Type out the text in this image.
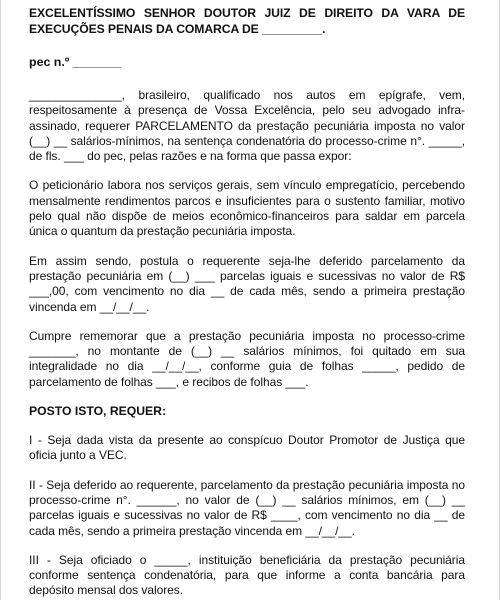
EXCELENTÍSSIMO SENHOR DOUTOR JUIZ DE DIREITO DA VARA DE EXECUÇÕES PENAIS DA COMARCA DE _________.

pec n.º _______

______________, brasileiro, qualificado nos autos em epígrafe, vem, respeitosamente à presença de Vossa Excelência, pelo seu advogado infra-assinado, requerer PARCELAMENTO da prestação pecuniária imposta no valor (__) __ salários-mínimos, na sentença condenatória do processo-crime n°. _____, de fls. ___ do pec, pelas razões e na forma que passa expor:

O peticionário labora nos serviços gerais, sem vínculo empregatício, percebendo mensalmente rendimentos parcos e insuficientes para o sustento familiar, motivo pelo qual não dispõe de meios econômico-financeiros para saldar em parcela única o quantum da prestação pecuniária imposta.

Em assim sendo, postula o requerente seja-lhe deferido parcelamento da prestação pecuniária em (__) ___ parcelas iguais e sucessivas no valor de R$ ___,00, com vencimento no dia __ de cada mês, sendo a primeira prestação vincenda em __/__/__.

Cumpre rememorar que a prestação pecuniária imposta no processo-crime _______, no montante de (__) __ salários mínimos, foi quitado em sua integralidade no dia __/__/__, conforme guia de folhas _____, pedido de parcelamento de folhas ___, e recibos de folhas ___.

POSTO ISTO, REQUER:

I - Seja dada vista da presente ao conspícuo Doutor Promotor de Justiça que oficia junto a VEC.

II - Seja deferido ao requerente, parcelamento da prestação pecuniária imposta no processo-crime n°. ______, no valor de (__) __ salários mínimos, em (__) __ parcelas iguais e sucessivas no valor de R$ ____, com vencimento no dia __ de cada mês, sendo a primeira prestação vincenda em __/__/__.

III - Seja oficiado o _____, instituição beneficiária da prestação pecuniária conforme sentença condenatória, para que informe a conta bancária para depósito mensal dos valores.
